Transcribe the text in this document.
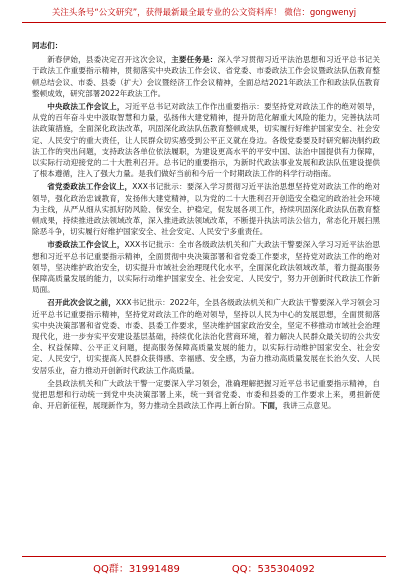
关注头条号“公文研究”，获得最新最全最专业的公文资料库！ 微信：gongwenyj
同志们：

新春伊始，县委决定召开这次会议，主要任务是：深入学习贯彻习近平法治思想和习近平总书记关于政法工作重要指示精神，贯彻落实中央政法工作会议、省党委、市委政法工作会议暨政法队伍教育整顿总结会议、市委、县委（扩大）会议暨经济工作会议精神，全面总结2021年政法工作和政法队伍教育整顿成效，研究部署2022年政法工作。

中央政法工作会议上，习近平总书记对政法工作作出重要指示：要坚持党对政法工作的绝对领导，从党的百年奋斗史中汲取智慧和力量，弘扬伟大建党精神，提升防范化解重大风险的能力，完善执法司法政策措施，全面深化政法改革，巩固深化政法队伍教育整顿成果，切实履行好维护国家安全、社会安定、人民安宁的重大责任，让人民群众切实感受到公平正义就在身边。各级党委要及时研究解决制约政法工作的突出问题，支持政法各单位依法履职，为建设更高水平的平安中国、法治中国提供有力保障，以实际行动迎接党的二十大胜利召开。总书记的重要指示，为新时代政法事业发展和政法队伍建设提供了根本遵循，注入了强大力量。是我们做好当前和今后一个时期政法工作的科学行动指南。

省党委政法工作会议上，XXX书记批示：要深入学习贯彻习近平法治思想坚持党对政法工作的绝对领导，强化政治忠诚教育，发扬伟大建党精神，以为党的二十大胜利召开创造安全稳定的政治社会环境为主线，从严从细从实抓好防风险、保安全、护稳定，促发展各项工作，持续巩固深化政法队伍教育整顿成果，持续推进政法领域改革，深入推进政法领域改革，不断提升执法司法公信力，常态化开展扫黑除恶斗争，切实履行好维护国家安全、社会安定、人民安宁多重责任。

市委政法工作会议上，XXX书记批示：全市各级政法机关和广大政法干警要深入学习习近平法治思想和习近平总书记重要指示精神，全面贯彻中央决策部署和省党委工作要求，坚持党对政法工作的绝对领导，坚决维护政治安全，切实提升市域社会治理现代化水平，全面深化政法领域改革，着力提高服务保障高质量发展的能力，以实际行动维护国家安全、社会安定、人民安宁，努力开创新时代政法工作新局面。

召开此次会议之前，XXX书记批示：2022年，全县各级政法机关和广大政法干警要深入学习领会习近平总书记重要指示精神，坚持党对政法工作的绝对领导，坚持以人民为中心的发展思想，全面贯彻落实中央决策部署和省党委、市委、县委工作要求，坚决维护国家政治安全，坚定不移推动市域社会治理现代化，进一步夯实平安建设基层基础，持续优化法治化营商环境，着力解决人民群众最关切的公共安全、权益保障、公平正义问题，提高服务保障高质量发展的能力，以实际行动维护国家安全、社会安定、人民安宁，切实提高人民群众获得感、幸福感、安全感，为奋力推动高质量发展在长治久安、人民安居乐业，奋力推动开创新时代政法工作高质量。

全县政法机关和广大政法干警一定要深入学习领会，准确理解把握习近平总书记重要指示精神，自觉把思想和行动统一到党中央决策部署上来，统一到省党委、市委和县委的工作要求上来，勇担新使命、开启新征程，展现新作为，努力推动全县政法工作再上新台阶。下面，我讲三点意见。

QQ群：31991489	QQ：535304092
